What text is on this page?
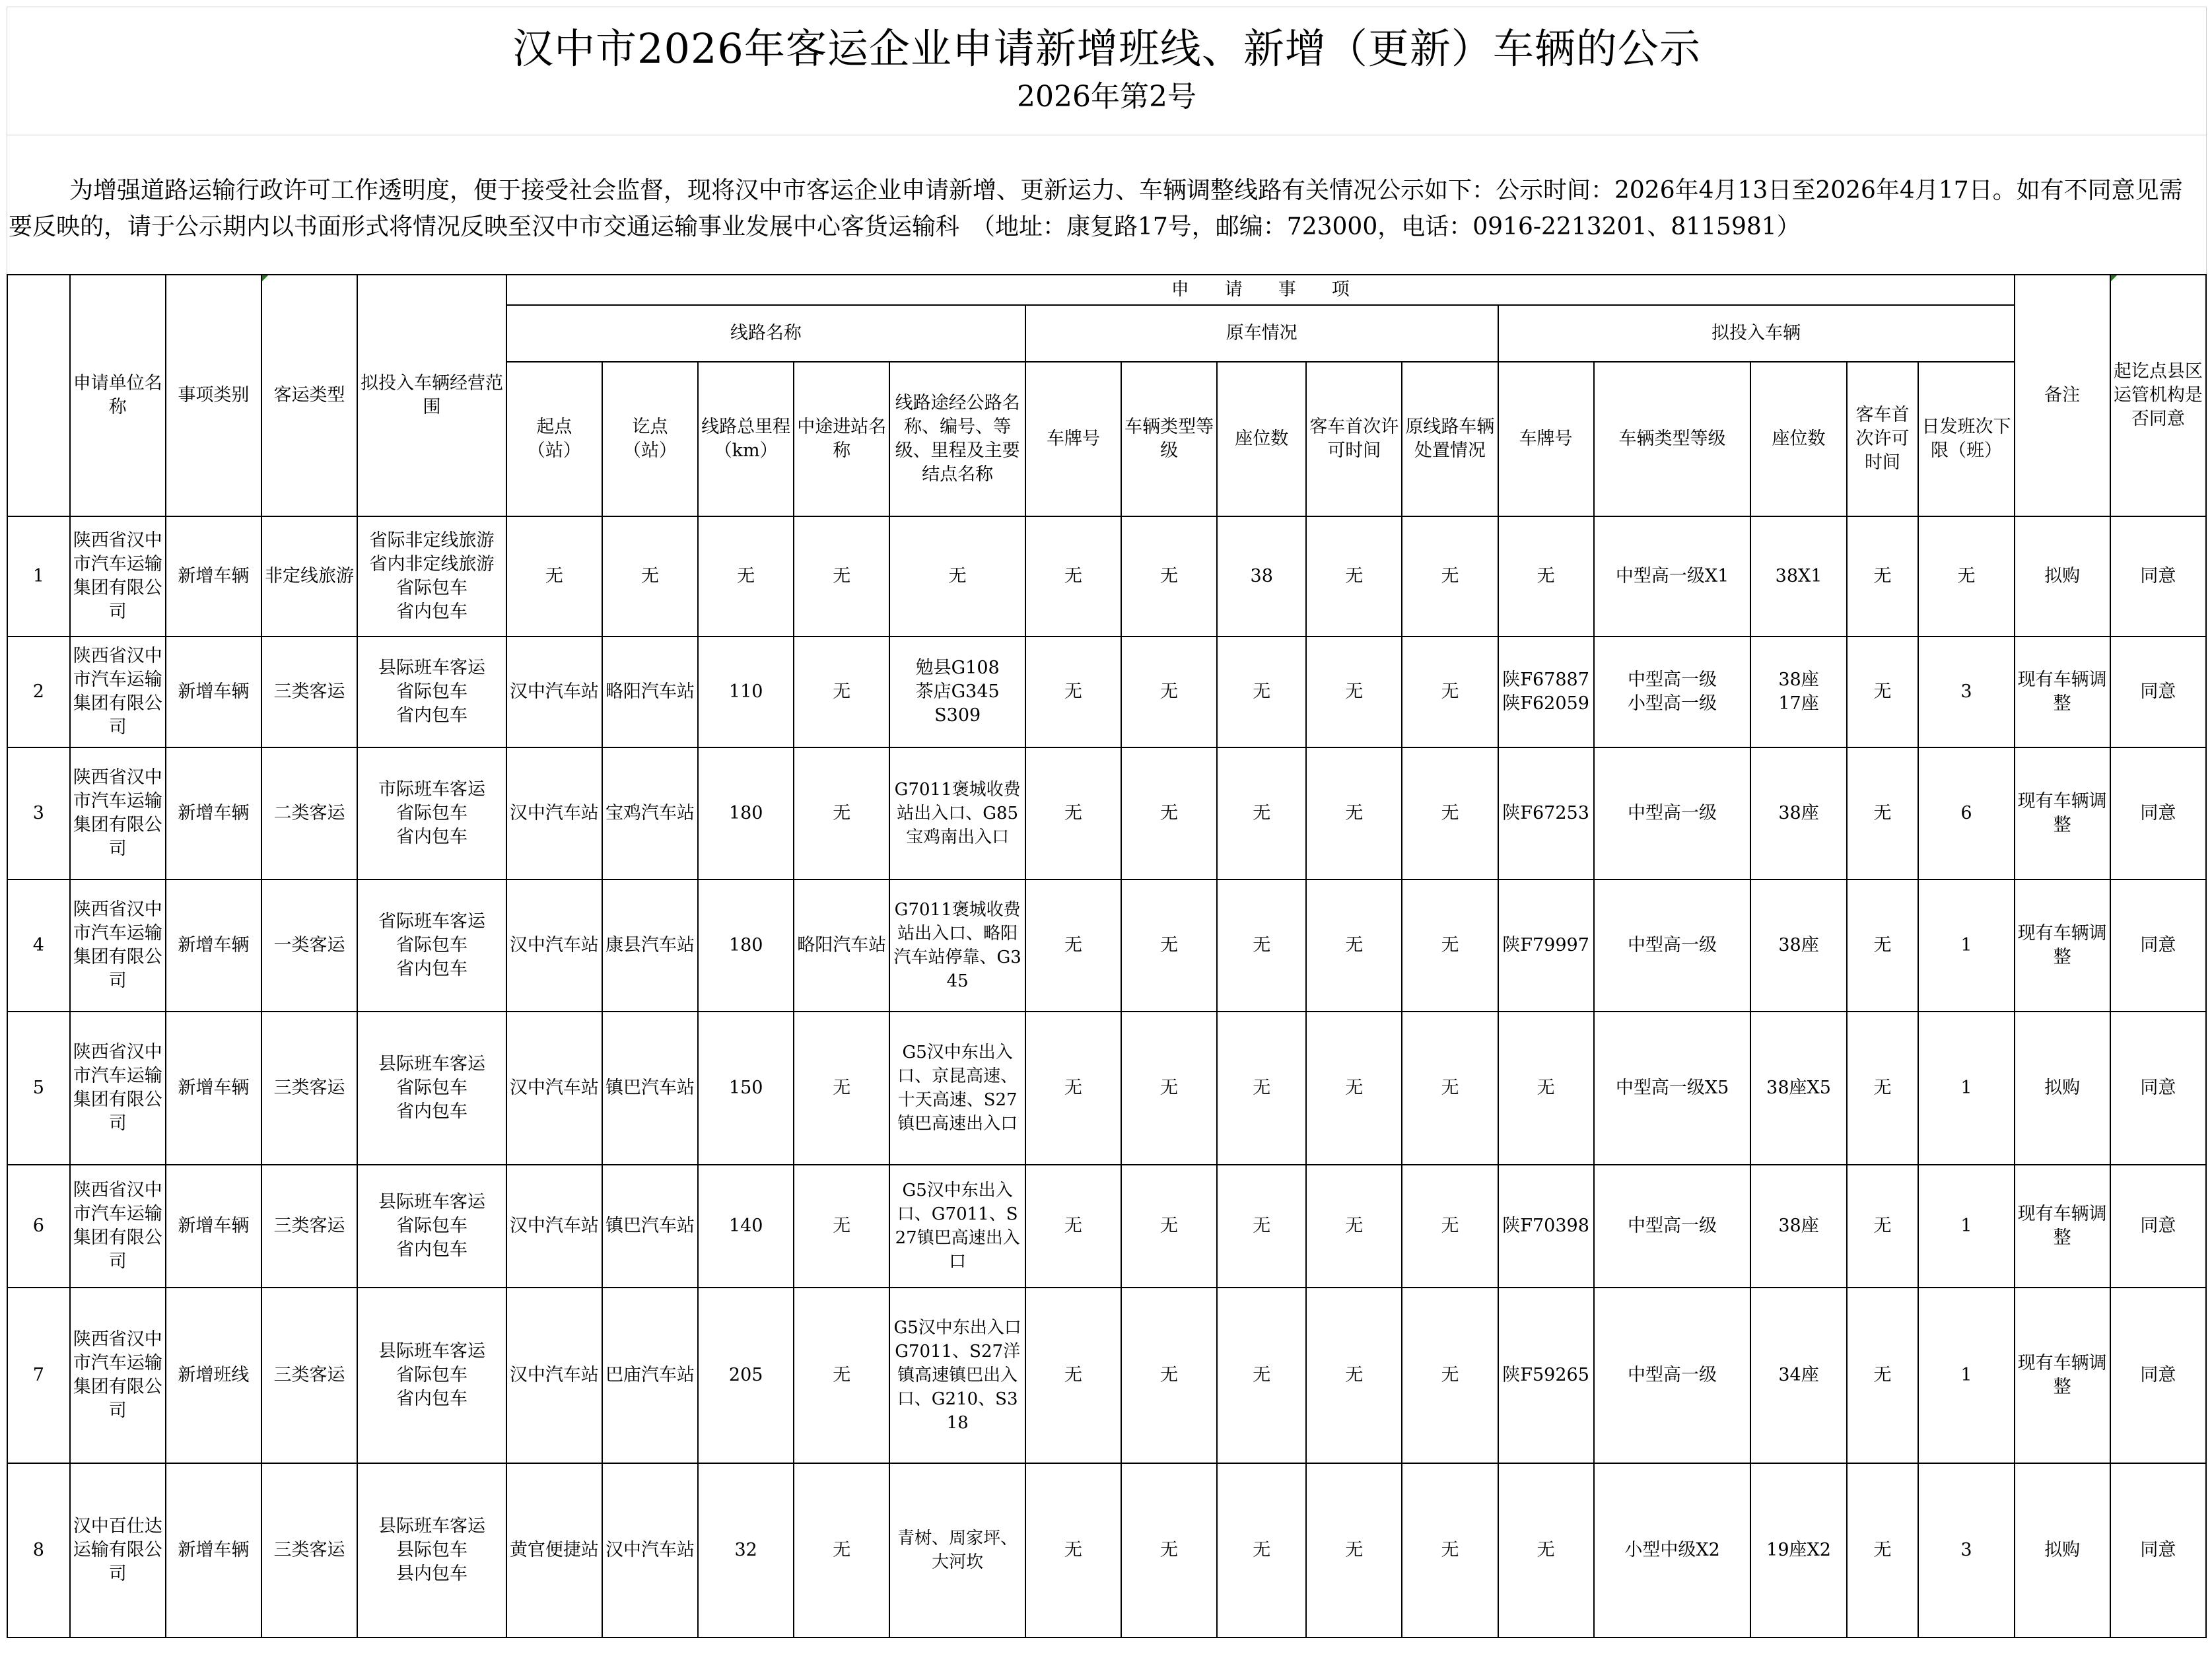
汉中市2026年客运企业申请新增班线、新增（更新）车辆的公示
2026年第2号
为增强道路运输行政许可工作透明度，便于接受社会监督，现将汉中市客运企业申请新增、更新运力、车辆调整线路有关情况公示如下：公示时间：2026年4月13日至2026年4月17日。如有不同意见需要反映的，请于公示期内以书面形式将情况反映至汉中市交通运输事业发展中心客货运输科　（地址：康复路17号，邮编：723000，电话：0916-2213201、8115981）
	申请单位名称	事项类别	客运类型	拟投入车辆经营范围	申　　请　　事　　项															备注	起讫点县区运管机构是否同意
					线路名称					原车情况					拟投入车辆						
					起点
（站）	讫点
（站）	线路总里程（km）	中途进站名称	线路途经公路名称、编号、等级、里程及主要结点名称	车牌号	车辆类型等级	座位数	客车首次许可时间	原线路车辆处置情况	车牌号	车辆类型等级	座位数	客车首次许可时间	日发班次下限（班）		
1	陕西省汉中市汽车运输集团有限公司	新增车辆	非定线旅游	省际非定线旅游
省内非定线旅游
省际包车
省内包车	无	无	无	无	无	无	无	38	无	无	无	中型高一级X1	38X1	无	无	拟购	同意
2	陕西省汉中市汽车运输集团有限公司	新增车辆	三类客运	县际班车客运
省际包车
省内包车	汉中汽车站	略阳汽车站	110	无	勉县G108
茶店G345
S309	无	无	无	无	无	陕F67887
陕F62059	中型高一级
小型高一级	38座
17座	无	3	现有车辆调整	同意
3	陕西省汉中市汽车运输集团有限公司	新增车辆	二类客运	市际班车客运
省际包车
省内包车	汉中汽车站	宝鸡汽车站	180	无	G7011褒城收费站出入口、G85宝鸡南出入口	无	无	无	无	无	陕F67253	中型高一级	38座	无	6	现有车辆调整	同意
4	陕西省汉中市汽车运输集团有限公司	新增车辆	一类客运	省际班车客运
省际包车
省内包车	汉中汽车站	康县汽车站	180	略阳汽车站	G7011褒城收费站出入口、略阳汽车站停靠、G345	无	无	无	无	无	陕F79997	中型高一级	38座	无	1	现有车辆调整	同意
5	陕西省汉中市汽车运输集团有限公司	新增车辆	三类客运	县际班车客运
省际包车
省内包车	汉中汽车站	镇巴汽车站	150	无	G5汉中东出入口、京昆高速、十天高速、S27镇巴高速出入口	无	无	无	无	无	无	中型高一级X5	38座X5	无	1	拟购	同意
6	陕西省汉中市汽车运输集团有限公司	新增车辆	三类客运	县际班车客运
省际包车
省内包车	汉中汽车站	镇巴汽车站	140	无	G5汉中东出入口、G7011、S27镇巴高速出入口	无	无	无	无	无	陕F70398	中型高一级	38座	无	1	现有车辆调整	同意
7	陕西省汉中市汽车运输集团有限公司	新增班线	三类客运	县际班车客运
省际包车
省内包车	汉中汽车站	巴庙汽车站	205	无	G5汉中东出入口
G7011、S27洋镇高速镇巴出入口、G210、S318	无	无	无	无	无	陕F59265	中型高一级	34座	无	1	现有车辆调整	同意
8	汉中百仕达运输有限公司	新增车辆	三类客运	县际班车客运
县际包车
县内包车	黄官便捷站	汉中汽车站	32	无	青树、周家坪、大河坎	无	无	无	无	无	无	小型中级X2	19座X2	无	3	拟购	同意
